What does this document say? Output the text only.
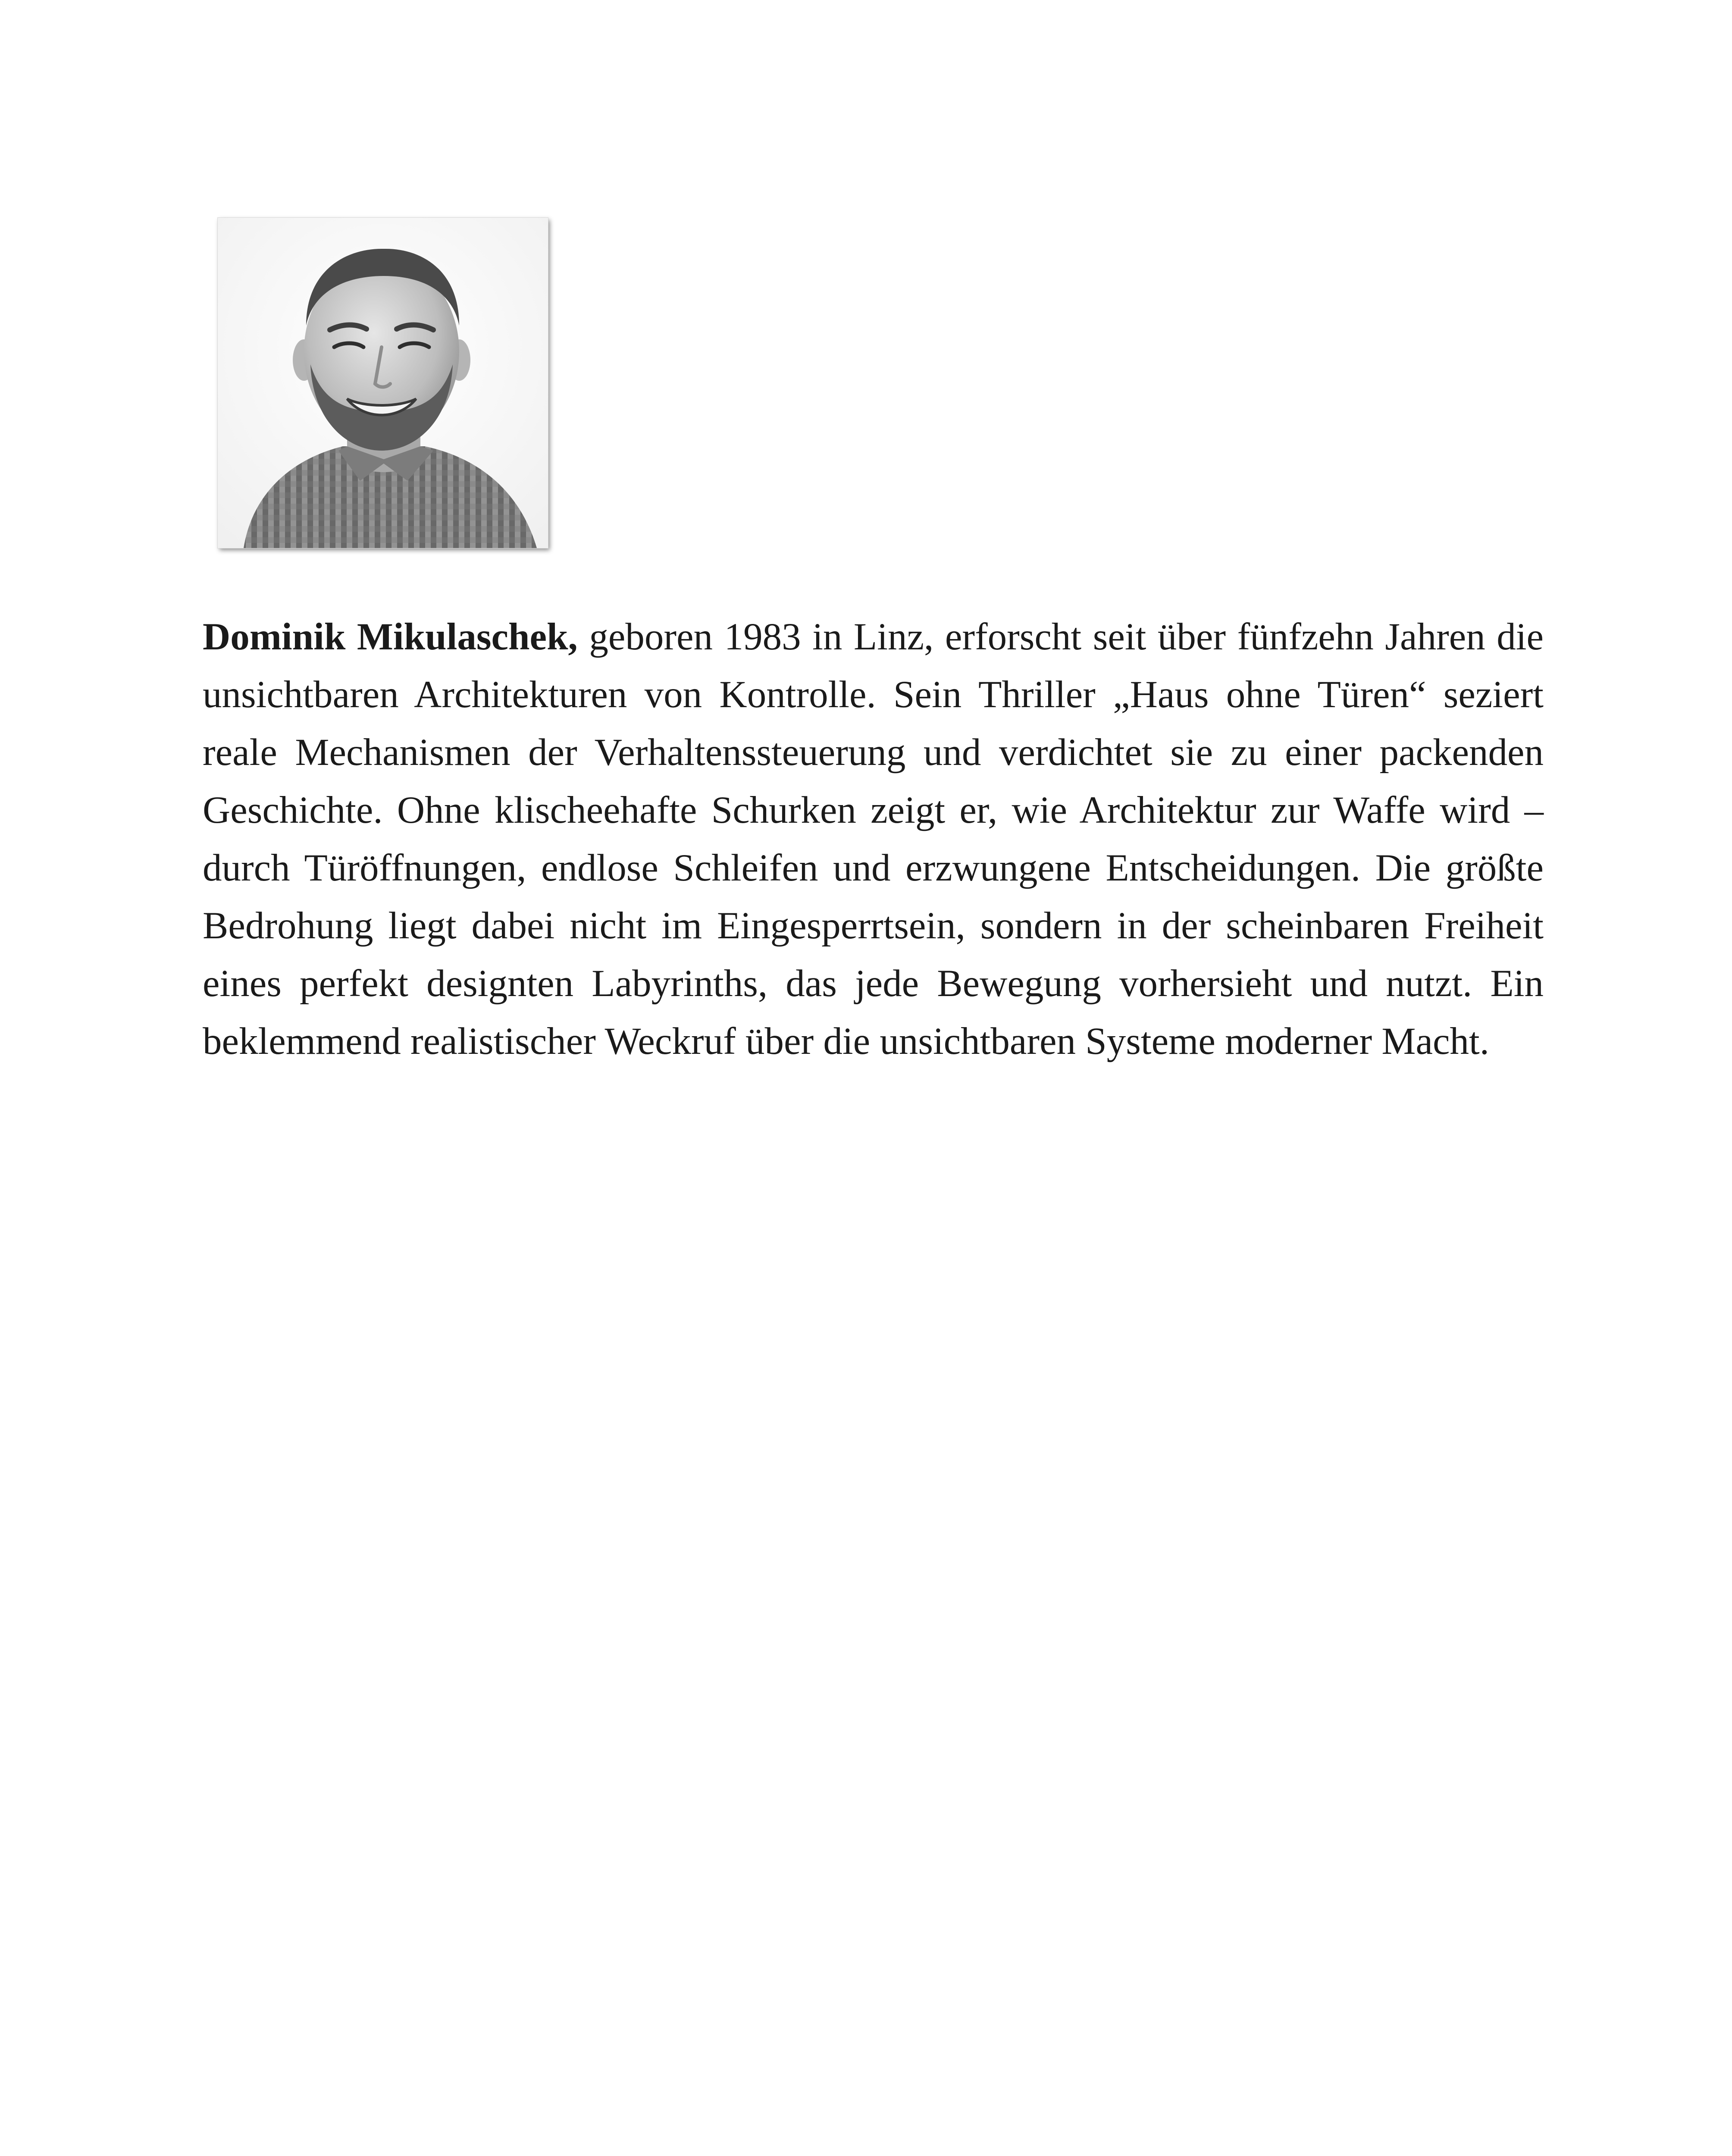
Dominik Mikulaschek, geboren 1983 in Linz, erforscht seit über fünfzehn Jahren die unsichtbaren Architekturen von Kontrolle. Sein Thriller „Haus ohne Türen“ seziert reale Mechanismen der Verhaltenssteuerung und verdichtet sie zu einer packenden Geschichte. Ohne klischeehafte Schurken zeigt er, wie Architektur zur Waffe wird – durch Türöffnungen, endlose Schleifen und erzwungene Entscheidungen. Die größte Bedrohung liegt dabei nicht im Eingesperrtsein, sondern in der scheinbaren Freiheit eines perfekt designten Labyrinths, das jede Bewegung vorhersieht und nutzt. Ein beklemmend realistischer Weckruf über die unsichtbaren Systeme moderner Macht.
